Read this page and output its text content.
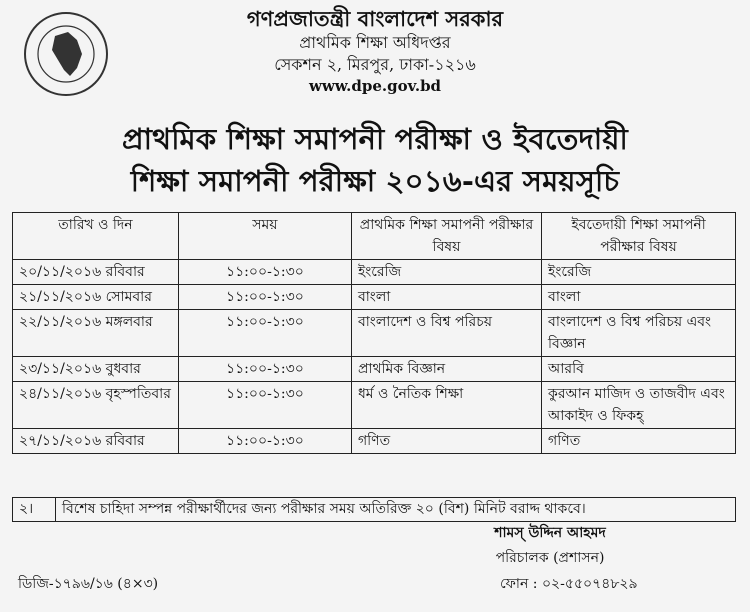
গণপ্রজাতন্ত্রী বাংলাদেশ সরকার
প্রাথমিক শিক্ষা অধিদপ্তর
সেকশন ২, মিরপুর, ঢাকা-১২১৬
www.dpe.gov.bd
প্রাথমিক শিক্ষা সমাপনী পরীক্ষা ও ইবতেদায়ী
শিক্ষা সমাপনী পরীক্ষা ২০১৬-এর সময়সূচি
তারিখ ও দিন	সময়	প্রাথমিক শিক্ষা সমাপনী পরীক্ষার বিষয়	ইবতেদায়ী শিক্ষা সমাপনী পরীক্ষার বিষয়
২০/১১/২০১৬ রবিবার	১১:০০-১:৩০	ইংরেজি	ইংরেজি
২১/১১/২০১৬ সোমবার	১১:০০-১:৩০	বাংলা	বাংলা
২২/১১/২০১৬ মঙ্গলবার	১১:০০-১:৩০	বাংলাদেশ ও বিশ্ব পরিচয়	বাংলাদেশ ও বিশ্ব পরিচয় এবং বিজ্ঞান
২৩/১১/২০১৬ বুধবার	১১:০০-১:৩০	প্রাথমিক বিজ্ঞান	আরবি
২৪/১১/২০১৬ বৃহস্পতিবার	১১:০০-১:৩০	ধর্ম ও নৈতিক শিক্ষা	কুরআন মাজিদ ও তাজবীদ এবং আকাইদ ও ফিকহ্
২৭/১১/২০১৬ রবিবার	১১:০০-১:৩০	গণিত	গণিত
২।	বিশেষ চাহিদা সম্পন্ন পরীক্ষার্থীদের জন্য পরীক্ষার সময় অতিরিক্ত ২০ (বিশ) মিনিট বরাদ্দ থাকবে।
শামস্ উদ্দিন আহমদ
পরিচালক (প্রশাসন)
ফোন : ০২-৫৫০৭৪৮২৯
ডিজি-১৭৯৬/১৬ (৪×৩)
